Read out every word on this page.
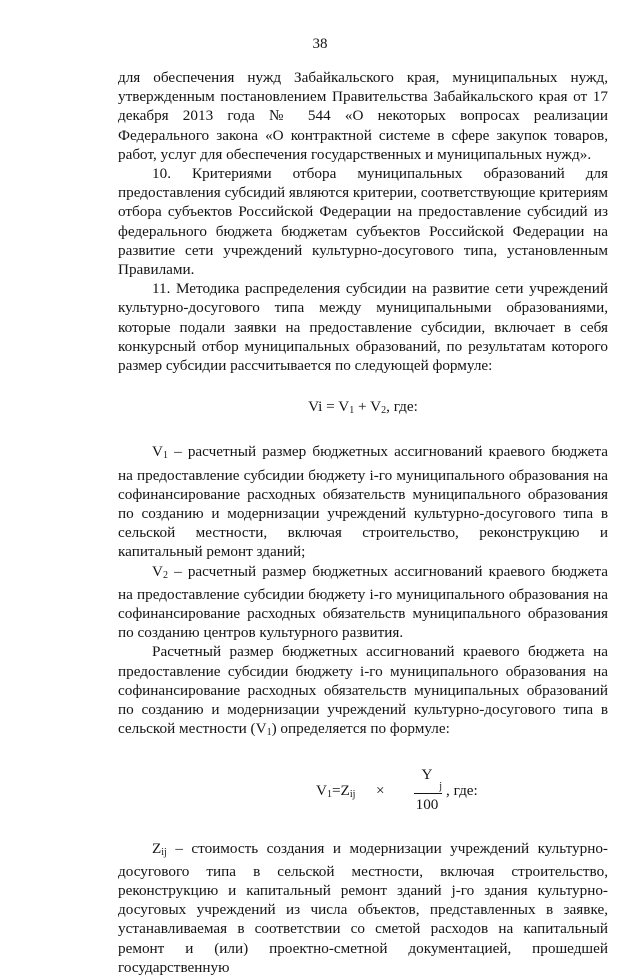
38

для обеспечения нужд Забайкальского края, муниципальных нужд, утвержденным постановлением Правительства Забайкальского края от 17 декабря 2013 года № 544 «О некоторых вопросах реализации Федерального закона «О контрактной системе в сфере закупок товаров, работ, услуг для обеспечения государственных и муниципальных нужд».

10. Критериями отбора муниципальных образований для предоставления субсидий являются критерии, соответствующие критериям отбора субъектов Российской Федерации на предоставление субсидий из федерального бюджета бюджетам субъектов Российской Федерации на развитие сети учреждений культурно-досугового типа, установленным Правилами.

11. Методика распределения субсидии на развитие сети учреждений культурно-досугового типа между муниципальными образованиями, которые подали заявки на предоставление субсидии, включает в себя конкурсный отбор муниципальных образований, по результатам которого размер субсидии рассчитывается по следующей формуле:

$Vi = V_1 + V_2$, где:

$V_1$ – расчетный размер бюджетных ассигнований краевого бюджета на предоставление субсидии бюджету i-го муниципального образования на софинансирование расходных обязательств муниципального образования по созданию и модернизации учреждений культурно-досугового типа в сельской местности, включая строительство, реконструкцию и капитальный ремонт зданий;

$V_2$ – расчетный размер бюджетных ассигнований краевого бюджета на предоставление субсидии бюджету i-го муниципального образования на софинансирование расходных обязательств муниципального образования по созданию центров культурного развития.

Расчетный размер бюджетных ассигнований краевого бюджета на предоставление субсидии бюджету i-го муниципального образования на софинансирование расходных обязательств муниципальных образований по созданию и модернизации учреждений культурно-досугового типа в сельской местности $(V_1)$ определяется по формуле:

$V_1=Z_{ij}$ ×
Y
j
100
, где:

$Z_{ij}$ – стоимость создания и модернизации учреждений культурно-досугового типа в сельской местности, включая строительство, реконструкцию и капитальный ремонт зданий j-го здания культурно-досуговых учреждений из числа объектов, представленных в заявке, устанавливаемая в соответствии со сметой расходов на капитальный ремонт и (или) проектно-сметной документацией, прошедшей государственную
